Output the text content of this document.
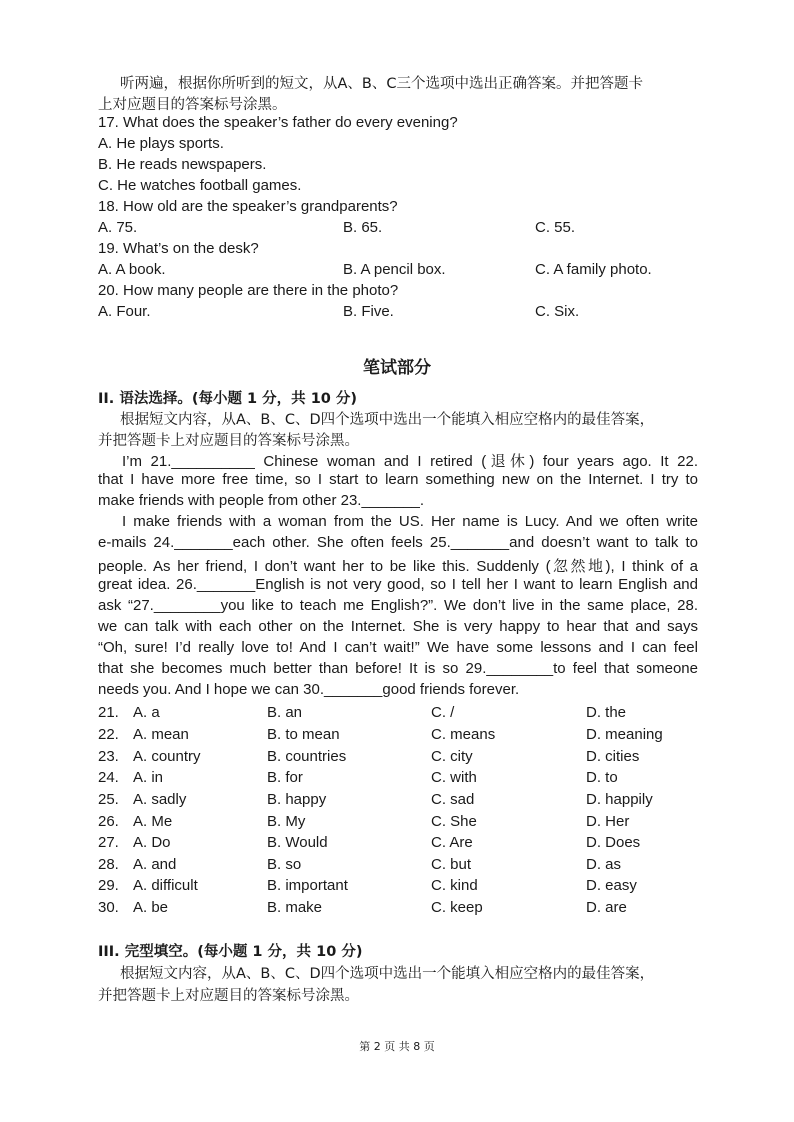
听两遍，根据你所听到的短文，从A、B、C三个选项中选出正确答案。并把答题卡
上对应题目的答案标号涂黑。
17. What does the speaker’s father do every evening?
A. He plays sports.
B. He reads newspapers.
C. He watches football games.
18. How old are the speaker’s grandparents?
A. 75.	B. 65.	C. 55.
19. What’s on the desk?
A. A book.	B. A pencil box.	C. A family photo.
20. How many people are there in the photo?
A. Four.	B. Five.	C. Six.
笔试部分
II. 语法选择。(每小题 1 分，共 10 分)
根据短文内容，从A、B、C、D四个选项中选出一个能填入相应空格内的最佳答案，
并把答题卡上对应题目的答案标号涂黑。
I’m 21.__________ Chinese woman and I retired (退休) four years ago. It 22.
that I have more free time, so I start to learn something new on the Internet. I try to
make friends with people from other 23._______.
I make friends with a woman from the US. Her name is Lucy. And we often write
e-mails 24._______each other. She often feels 25._______and doesn’t want to talk to
people. As her friend, I don’t want her to be like this. Suddenly (忽然地), I think of a
great idea. 26._______English is not very good, so I tell her I want to learn English and
ask “27.________you like to teach me English?”. We don’t live in the same place, 28.
we can talk with each other on the Internet. She is very happy to hear that and says
“Oh, sure! I’d really love to! And I can’t wait!” We have some lessons and I can feel
that she becomes much better than before! It is so 29.________to feel that someone
needs you. And I hope we can 30._______good friends forever.
21. A. a	B. an	C. /	D. the
22. A. mean	B. to mean	C. means	D. meaning
23. A. country	B. countries	C. city	D. cities
24. A. in	B. for	C. with	D. to
25. A. sadly	B. happy	C. sad	D. happily
26. A. Me	B. My	C. She	D. Her
27. A. Do	B. Would	C. Are	D. Does
28. A. and	B. so	C. but	D. as
29. A. difficult	B. important	C. kind	D. easy
30. A. be	B. make	C. keep	D. are
III. 完型填空。(每小题 1 分，共 10 分)
根据短文内容，从A、B、C、D四个选项中选出一个能填入相应空格内的最佳答案，
并把答题卡上对应题目的答案标号涂黑。
第 2 页 共 8 页
